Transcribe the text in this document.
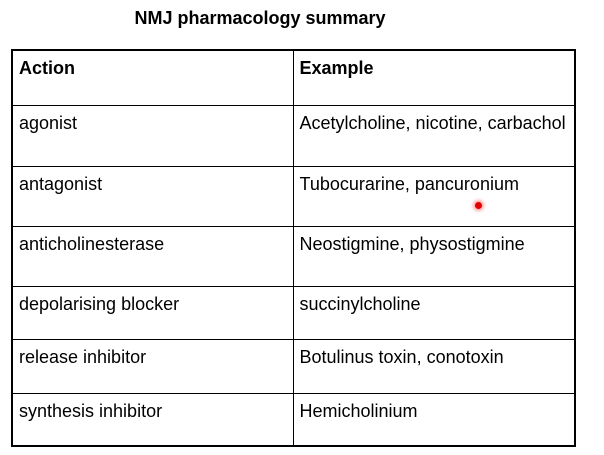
NMJ pharmacology summary
Action	Example
agonist	Acetylcholine, nicotine, carbachol
antagonist	Tubocurarine, pancuronium
anticholinesterase	Neostigmine, physostigmine
depolarising blocker	succinylcholine
release inhibitor	Botulinus toxin, conotoxin
synthesis inhibitor	Hemicholinium
